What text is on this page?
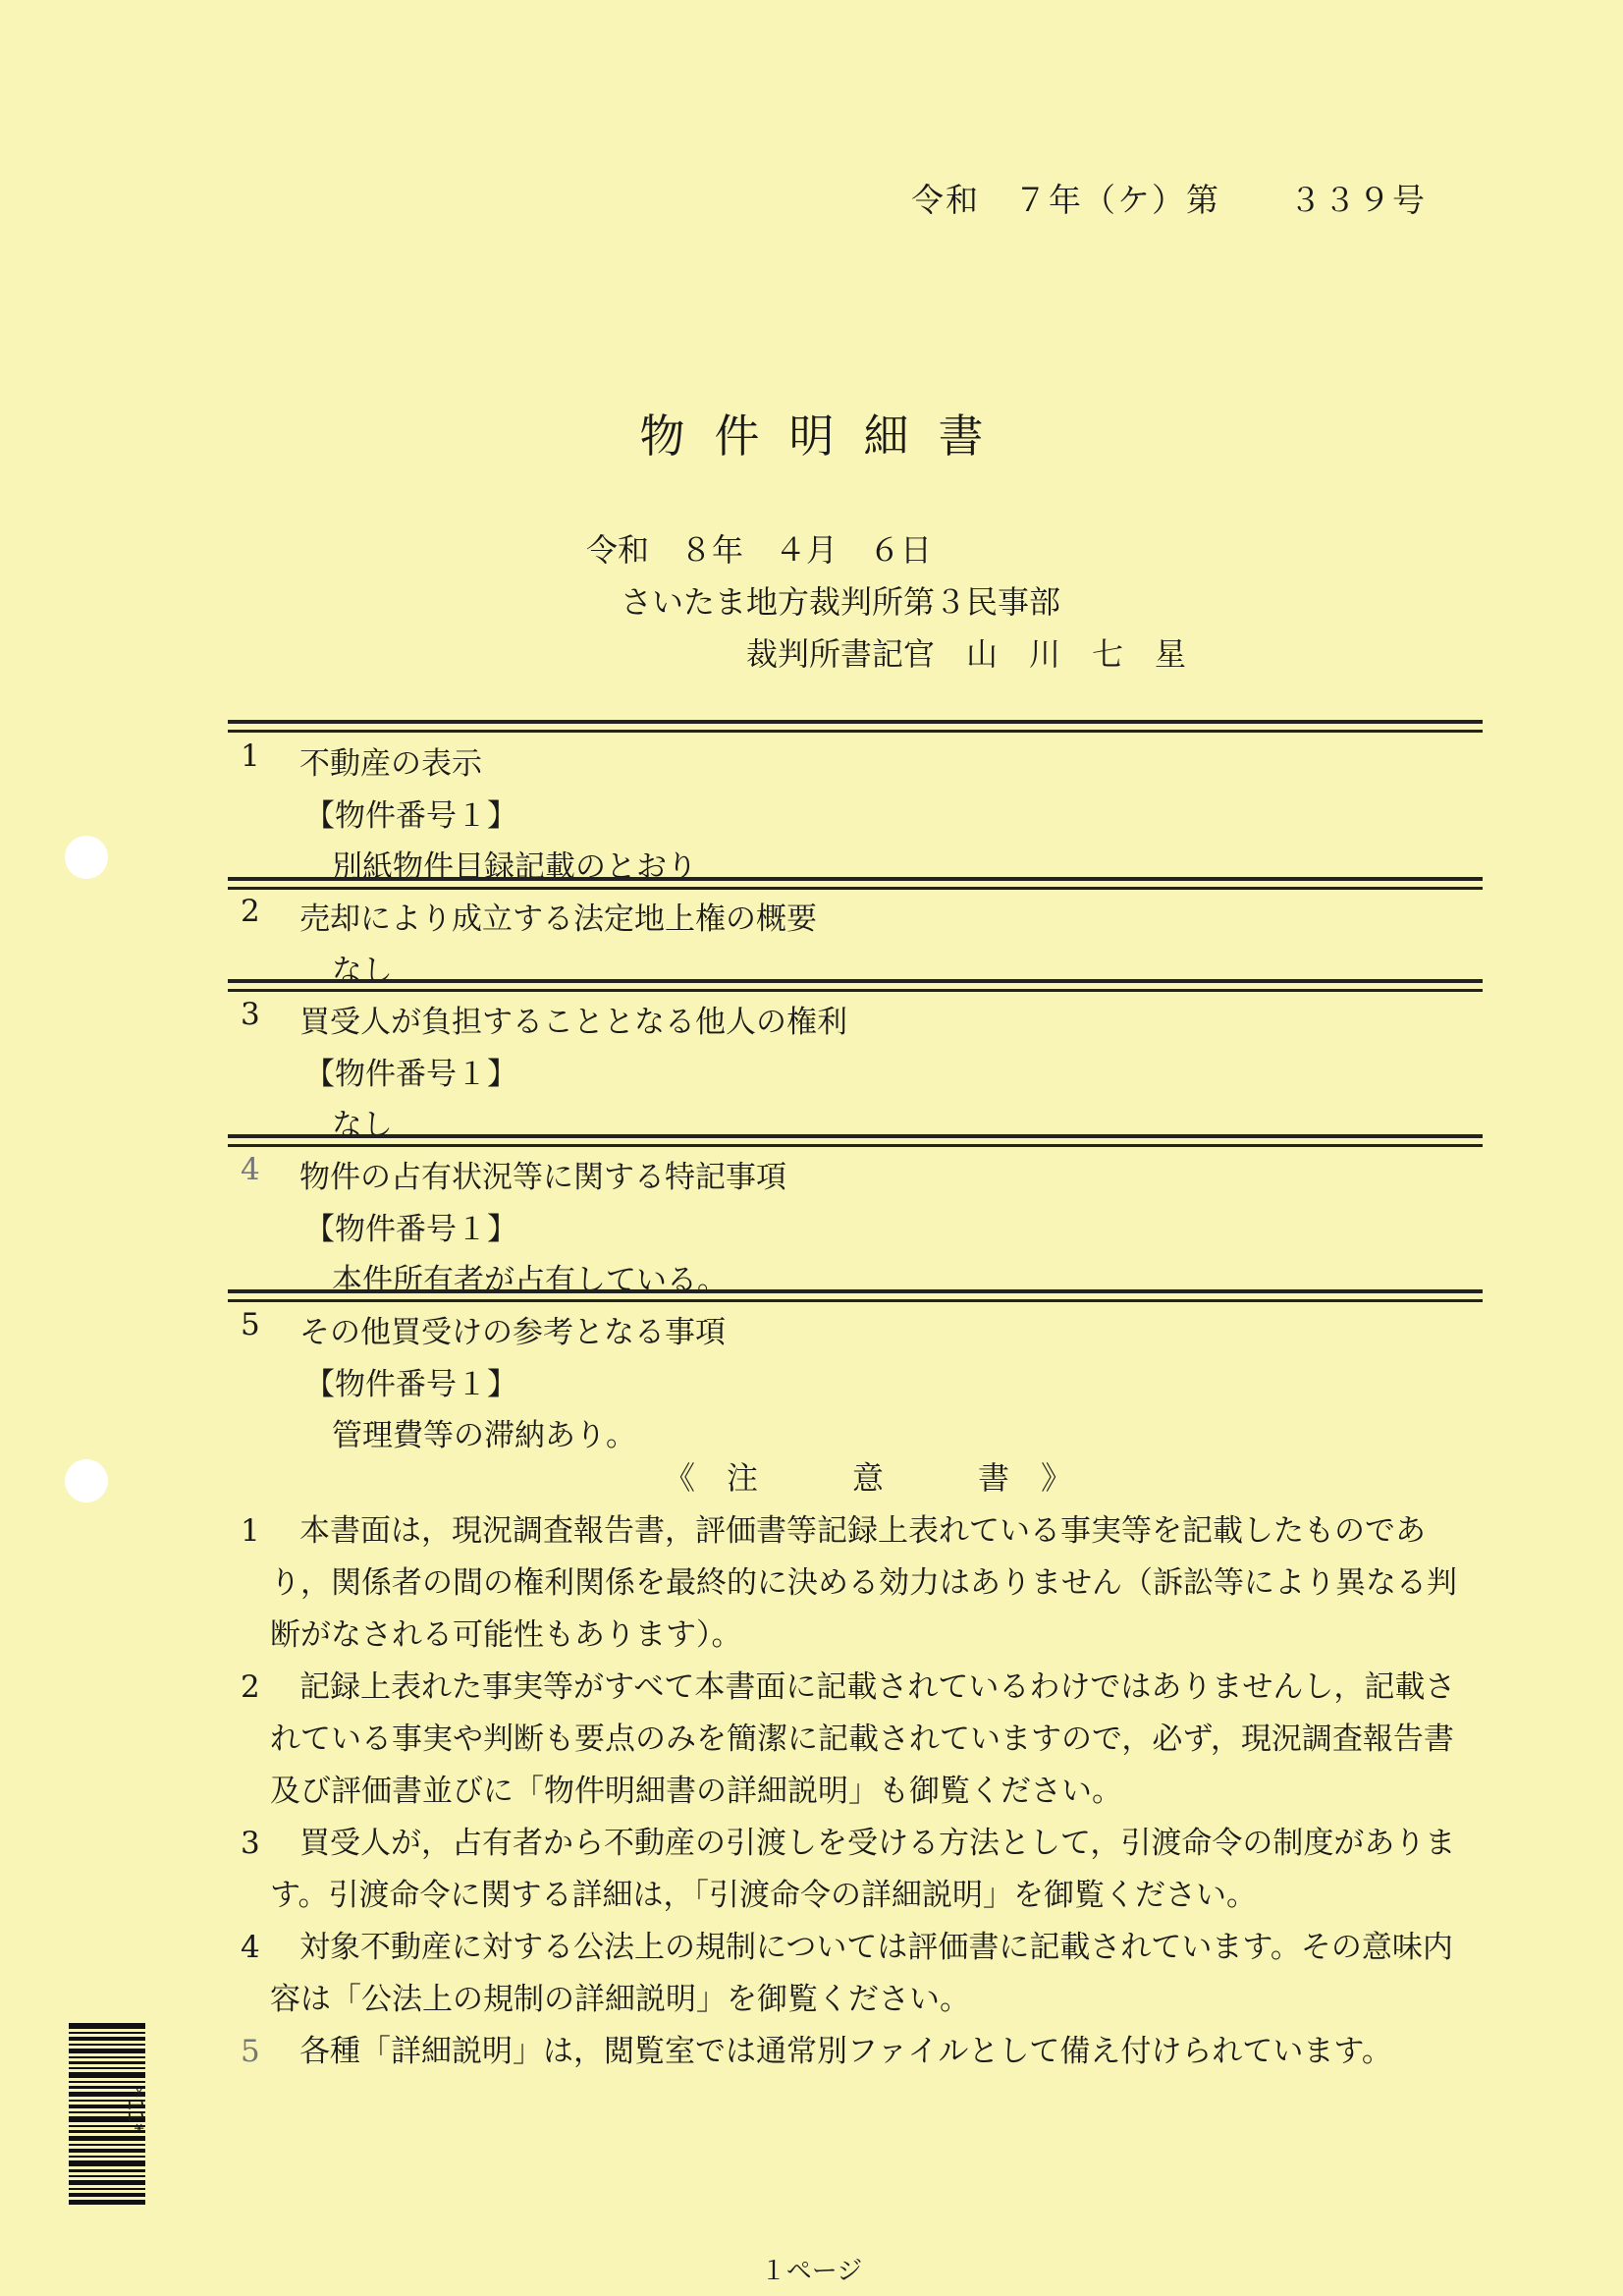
令和　７年（ケ）第　　３３９号
物件明細書
令和　８年　４月　６日
さいたま地方裁判所第３民事部
裁判所書記官　山　川　七　星
1 不動産の表示
【物件番号１】
別紙物件目録記載のとおり
2 売却により成立する法定地上権の概要
なし
3 買受人が負担することとなる他人の権利
【物件番号１】
なし
4 物件の占有状況等に関する特記事項
【物件番号１】
本件所有者が占有している。
5 その他買受けの参考となる事項
【物件番号１】
管理費等の滞納あり。
《　注　　　意　　　書　》
1	本書面は，現況調査報告書，評価書等記録上表れている事実等を記載したものであり，関係者の間の権利関係を最終的に決める効力はありません（訴訟等により異なる判断がなされる可能性もあります）。
2	記録上表れた事実等がすべて本書面に記載されているわけではありませんし，記載されている事実や判断も要点のみを簡潔に記載されていますので，必ず，現況調査報告書及び評価書並びに「物件明細書の詳細説明」も御覧ください。
3	買受人が，占有者から不動産の引渡しを受ける方法として，引渡命令の制度があります。引渡命令に関する詳細は，「引渡命令の詳細説明」を御覧ください。
4	対象不動産に対する公法上の規制については評価書に記載されています。その意味内容は「公法上の規制の詳細説明」を御覧ください。
5	各種「詳細説明」は，閲覧室では通常別ファイルとして備え付けられています。
*11*
１ページ
